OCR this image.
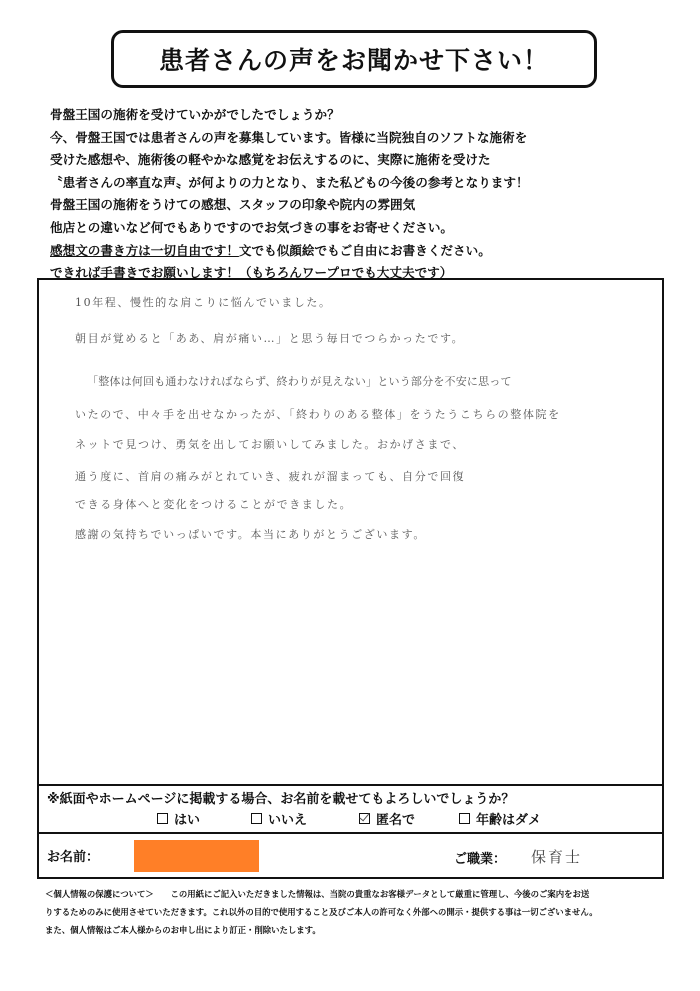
患者さんの声をお聞かせ下さい！
骨盤王国の施術を受けていかがでしたでしょうか？
今、骨盤王国では患者さんの声を募集しています。皆様に当院独自のソフトな施術を
受けた感想や、施術後の軽やかな感覚をお伝えするのに、実際に施術を受けた
〝患者さんの率直な声〟が何よりの力となり、また私どもの今後の参考となります！
骨盤王国の施術をうけての感想、スタッフの印象や院内の雰囲気
他店との違いなど何でもありですのでお気づきの事をお寄せください。
感想文の書き方は一切自由です！文でも似顔絵でもご自由にお書きください。
できれば手書きでお願いします！（もちろんワープロでも大丈夫です）
10年程、慢性的な肩こりに悩んでいました。
朝目が覚めると「ああ、肩が痛い…」と思う毎日でつらかったです。
「整体は何回も通わなければならず、終わりが見えない」という部分を不安に思って
いたので、中々手を出せなかったが、「終わりのある整体」をうたうこちらの整体院を
ネットで見つけ、勇気を出してお願いしてみました。おかげさまで、
通う度に、首肩の痛みがとれていき、疲れが溜まっても、自分で回復
できる身体へと変化をつけることができました。
感謝の気持ちでいっぱいです。本当にありがとうございます。
※紙面やホームページに掲載する場合、お名前を載せてもよろしいでしょうか？
はい	いいえ	匿名で	年齢はダメ
お名前：	ご職業： 保育士
＜個人情報の保護について＞　　この用紙にご記入いただきました情報は、当院の貴重なお客様データとして厳重に管理し、今後のご案内をお送
りするためのみに使用させていただきます。これ以外の目的で使用すること及びご本人の許可なく外部への開示・提供する事は一切ございません。
また、個人情報はご本人様からのお申し出により訂正・削除いたします。
